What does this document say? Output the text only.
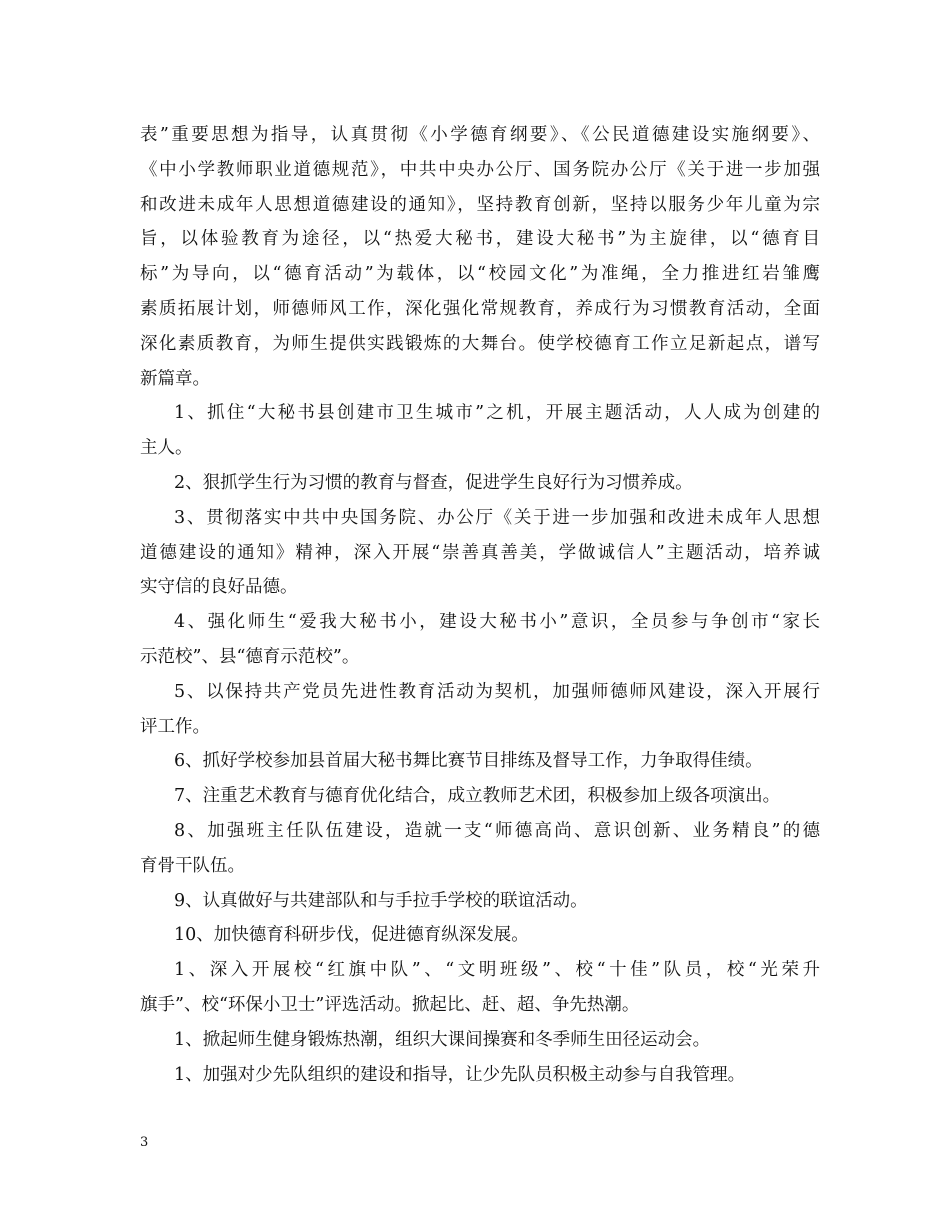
表”重要思想为指导，认真贯彻《小学德育纲要》、《公民道德建设实施纲要》、
《中小学教师职业道德规范》，中共中央办公厅、国务院办公厅《关于进一步加强
和改进未成年人思想道德建设的通知》，坚持教育创新，坚持以服务少年儿童为宗
旨，以体验教育为途径，以“热爱大秘书，建设大秘书”为主旋律，以“德育目
标”为导向，以“德育活动”为载体，以“校园文化”为准绳，全力推进红岩雏鹰
素质拓展计划，师德师风工作，深化强化常规教育，养成行为习惯教育活动，全面
深化素质教育，为师生提供实践锻炼的大舞台。使学校德育工作立足新起点，谱写
新篇章。
1、抓住“大秘书县创建市卫生城市”之机，开展主题活动，人人成为创建的
主人。
2、狠抓学生行为习惯的教育与督查，促进学生良好行为习惯养成。
3、贯彻落实中共中央国务院、办公厅《关于进一步加强和改进未成年人思想
道德建设的通知》精神，深入开展“崇善真善美，学做诚信人”主题活动，培养诚
实守信的良好品德。
4、强化师生“爱我大秘书小，建设大秘书小”意识，全员参与争创市“家长
示范校”、县“德育示范校”。
5、以保持共产党员先进性教育活动为契机，加强师德师风建设，深入开展行
评工作。
6、抓好学校参加县首届大秘书舞比赛节目排练及督导工作，力争取得佳绩。
7、注重艺术教育与德育优化结合，成立教师艺术团，积极参加上级各项演出。
8、加强班主任队伍建设，造就一支“师德高尚、意识创新、业务精良”的德
育骨干队伍。
9、认真做好与共建部队和与手拉手学校的联谊活动。
10、加快德育科研步伐，促进德育纵深发展。
1、深入开展校“红旗中队”、“文明班级”、校“十佳”队员，校“光荣升
旗手”、校“环保小卫士”评选活动。掀起比、赶、超、争先热潮。
1、掀起师生健身锻炼热潮，组织大课间操赛和冬季师生田径运动会。
1、加强对少先队组织的建设和指导，让少先队员积极主动参与自我管理。
3
